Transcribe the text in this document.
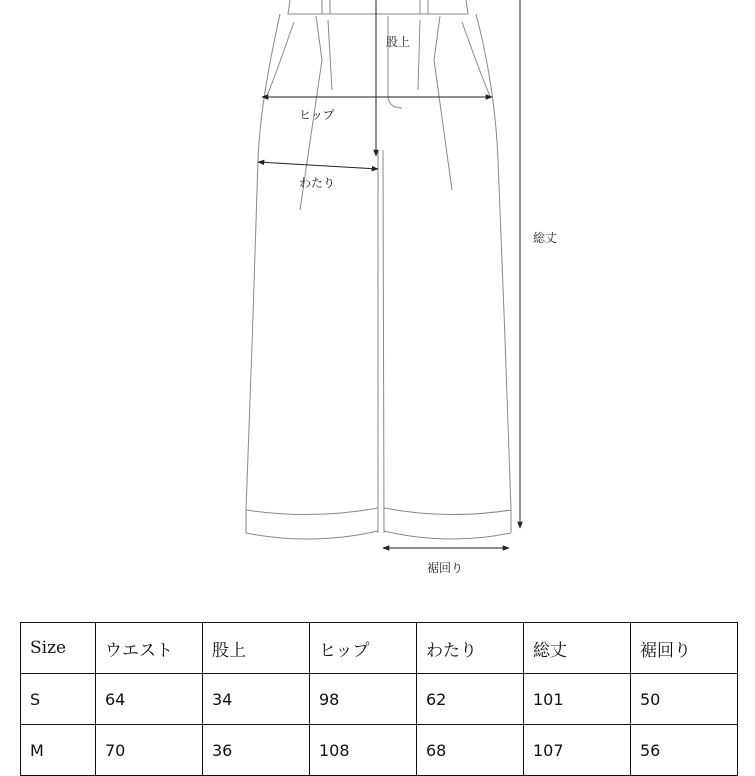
股上
ヒップ
わたり
総丈
裾回り
Size	ウエスト	股上	ヒップ	わたり	総丈	裾回り
S	64	34	98	62	101	50
M	70	36	108	68	107	56
